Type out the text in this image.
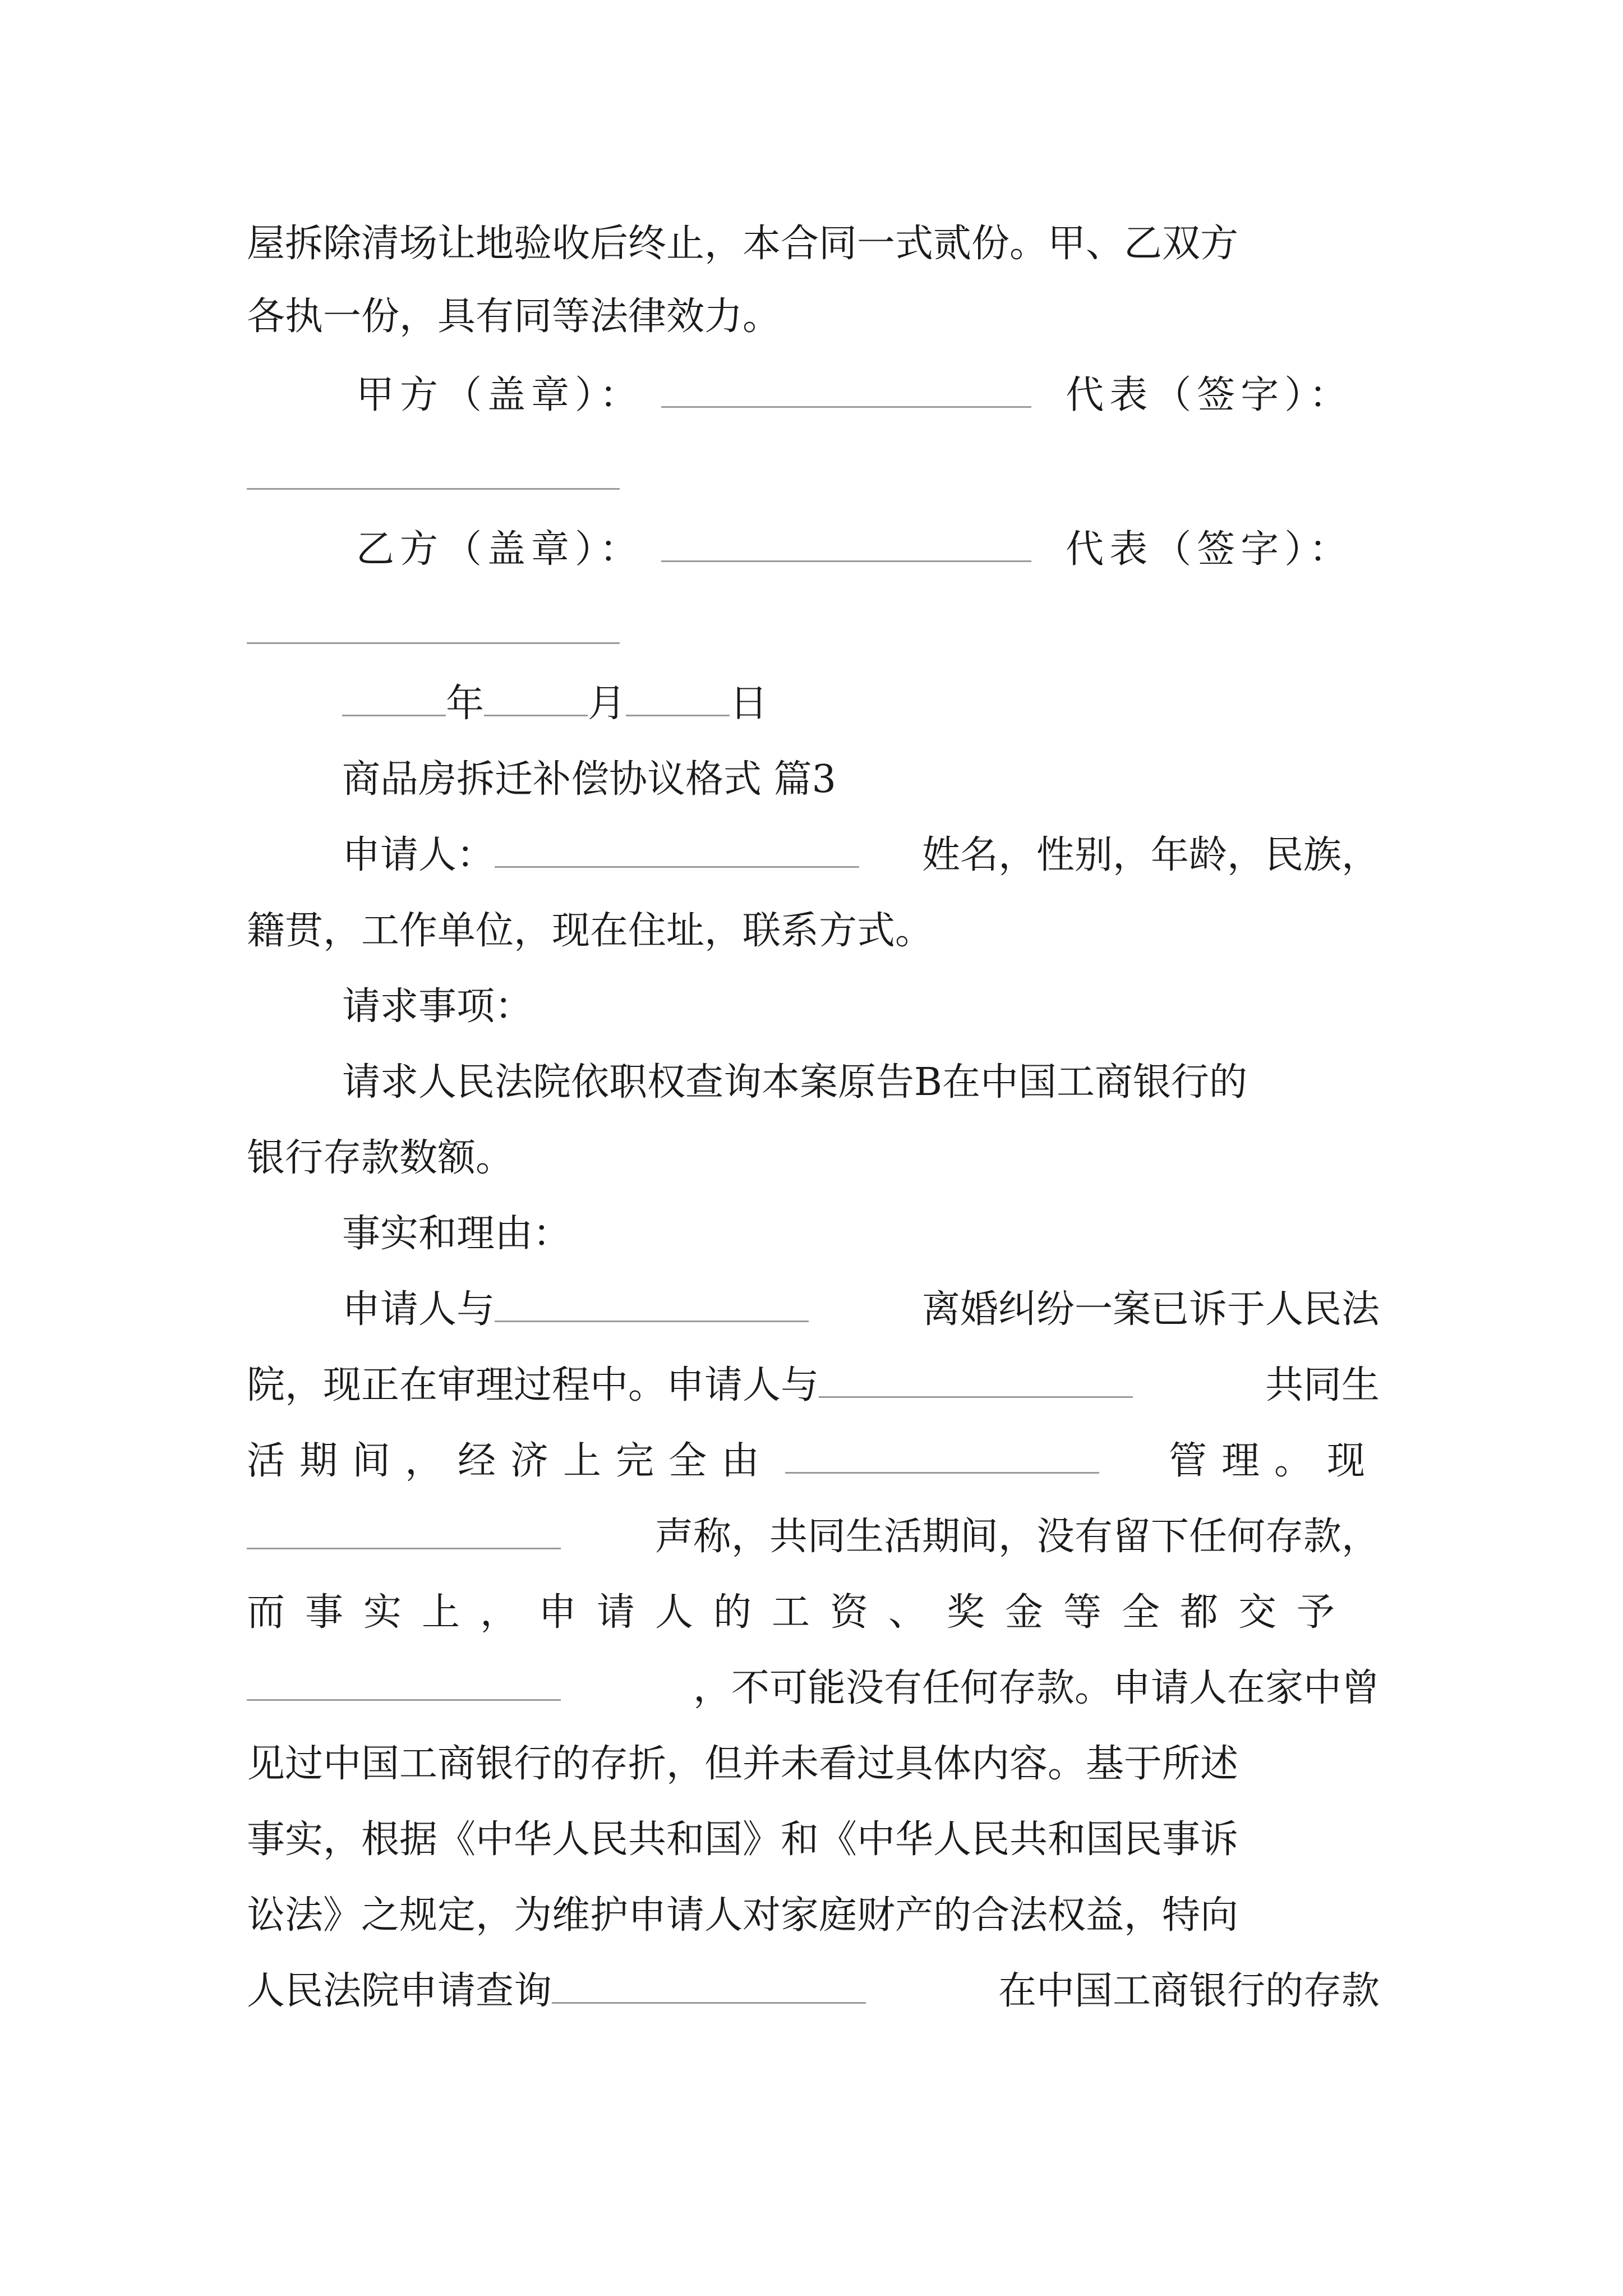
屋拆除清场让地验收后终止，本合同一式贰份。甲、乙双方
各执一份，具有同等法律效力。
甲方（盖章）：	代表（签字）：
乙方（盖章）：	代表（签字）：
年	月	日
商品房拆迁补偿协议格式 篇3
申请人：	姓名，性别，年龄，民族，
籍贯，工作单位，现在住址，联系方式。
请求事项：
请求人民法院依职权查询本案原告B在中国工商银行的
银行存款数额。
事实和理由：
申请人与	离婚纠纷一案已诉于人民法
院，现正在审理过程中。申请人与	共同生
活期间，经济上完全由	管理。现
声称，共同生活期间，没有留下任何存款，
而事实上，申请人的工资、奖金等全都交予
，不可能没有任何存款。申请人在家中曾
见过中国工商银行的存折，但并未看过具体内容。基于所述
事实，根据《中华人民共和国》和《中华人民共和国民事诉
讼法》之规定，为维护申请人对家庭财产的合法权益，特向
人民法院申请查询	在中国工商银行的存款
